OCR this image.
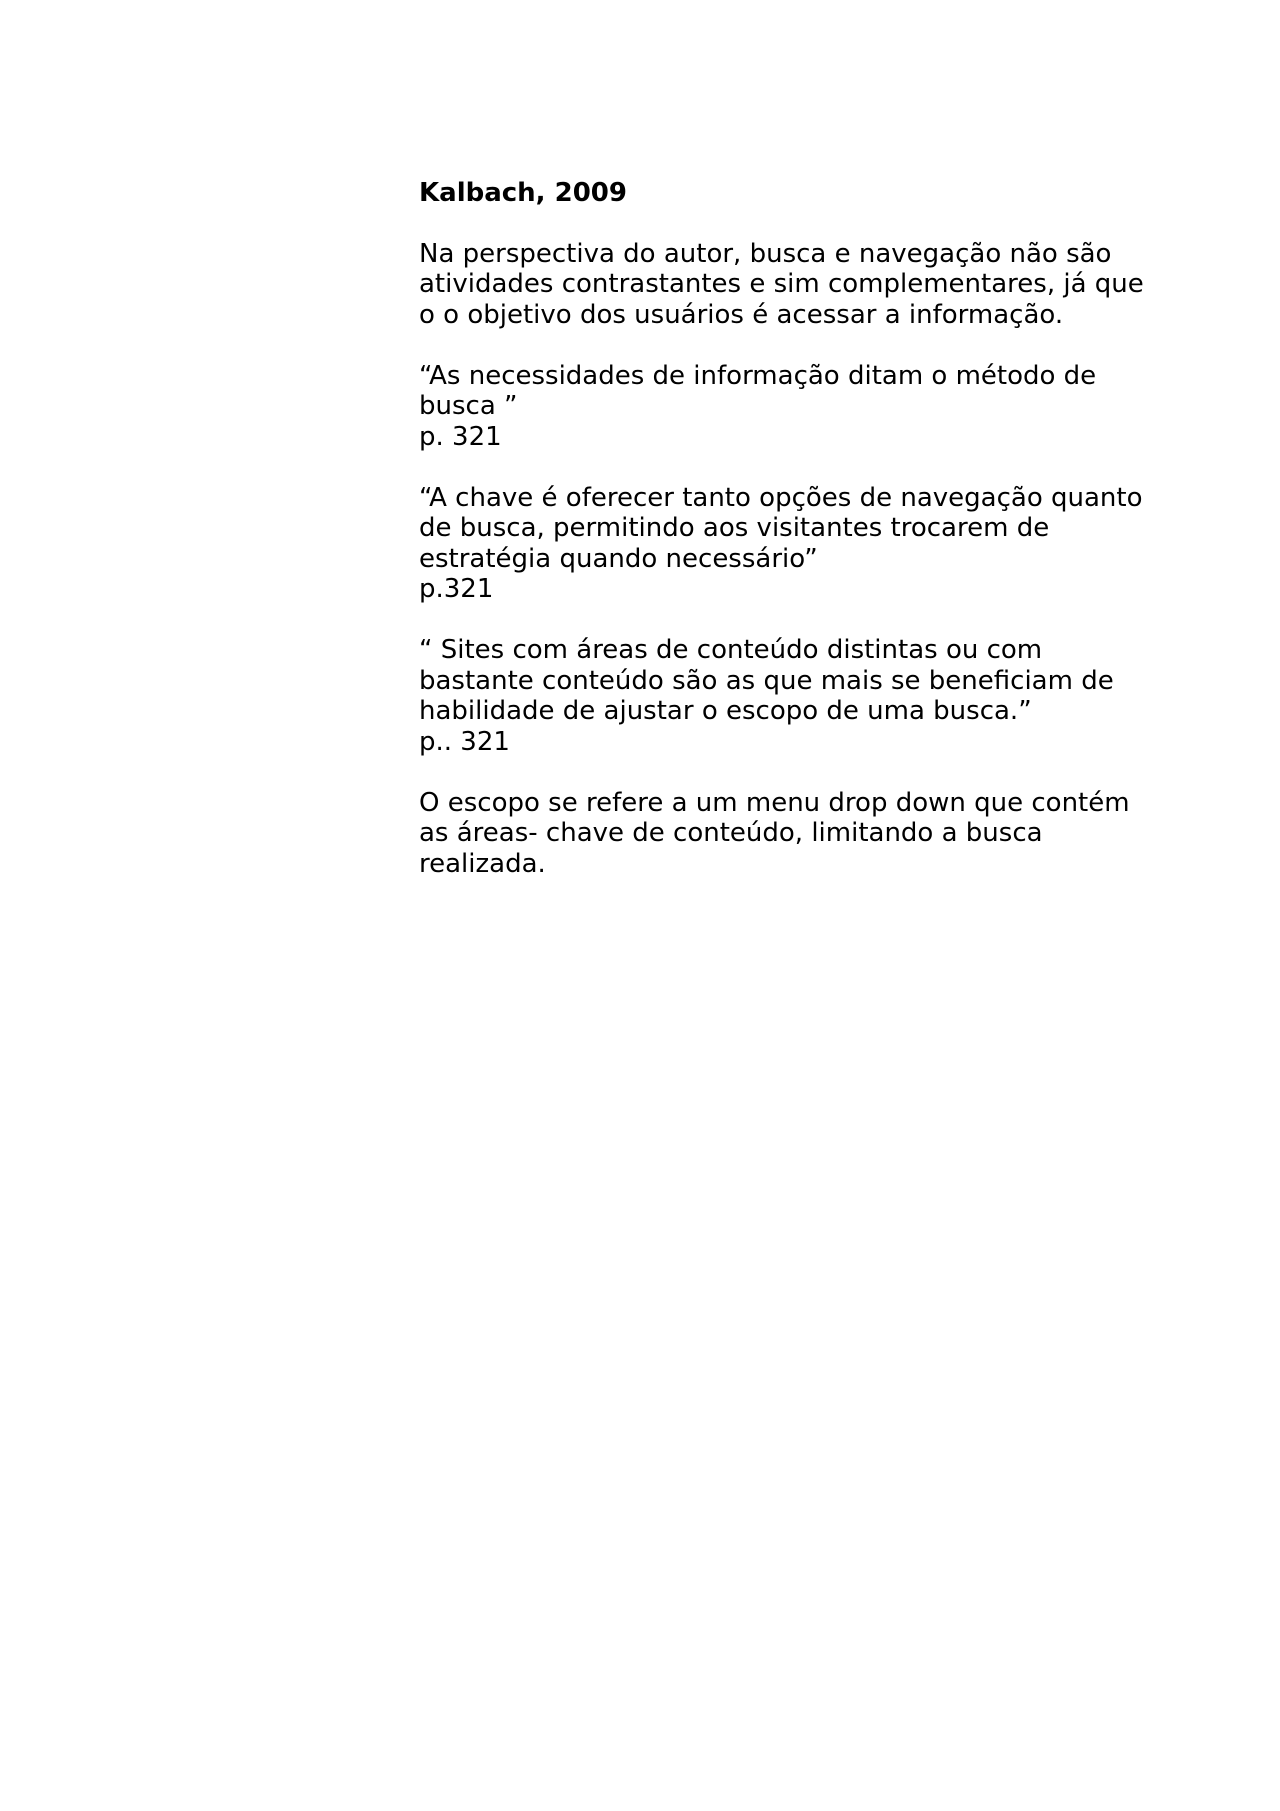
Kalbach, 2009
Na perspectiva do autor, busca e navegação não são
atividades contrastantes e sim complementares, já que
o o objetivo dos usuários é acessar a informação.
“As necessidades de informação ditam o método de
busca ”
p. 321
“A chave é oferecer tanto opções de navegação quanto
de busca, permitindo aos visitantes trocarem de
estratégia quando necessário”
p.321
“ Sites com áreas de conteúdo distintas ou com
bastante conteúdo são as que mais se beneficiam de
habilidade de ajustar o escopo de uma busca.”
p.. 321
O escopo se refere a um menu drop down que contém
as áreas- chave de conteúdo, limitando a busca
realizada.
